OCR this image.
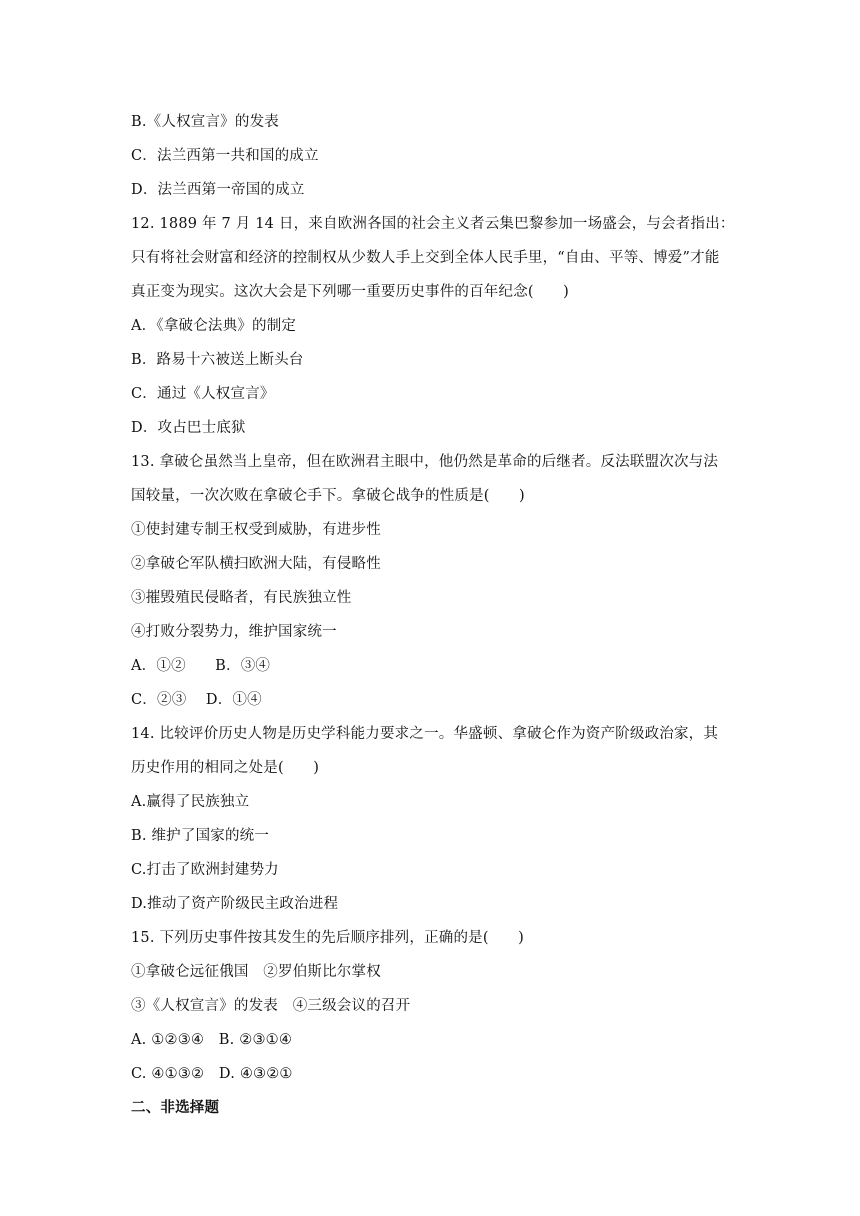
B.《人权宣言》的发表
C．法兰西第一共和国的成立
D．法兰西第一帝国的成立
12. 1889 年 7 月 14 日，来自欧洲各国的社会主义者云集巴黎参加一场盛会，与会者指出：
只有将社会财富和经济的控制权从少数人手上交到全体人民手里，“自由、平等、博爱”才能
真正变为现实。这次大会是下列哪一重要历史事件的百年纪念(　　)
A．《拿破仑法典》的制定
B．路易十六被送上断头台
C．通过《人权宣言》
D．攻占巴士底狱
13. 拿破仑虽然当上皇帝，但在欧洲君主眼中，他仍然是革命的后继者。反法联盟次次与法
国较量，一次次败在拿破仑手下。拿破仑战争的性质是(　　)
①使封建专制王权受到威胁，有进步性
②拿破仑军队横扫欧洲大陆，有侵略性
③摧毁殖民侵略者，有民族独立性
④打败分裂势力，维护国家统一
A．①②　　B．③④
C．②③　 D．①④
14. 比较评价历史人物是历史学科能力要求之一。华盛顿、拿破仑作为资产阶级政治家，其
历史作用的相同之处是(　　)
A.赢得了民族独立
B. 维护了国家的统一
C.打击了欧洲封建势力
D.推动了资产阶级民主政治进程
15. 下列历史事件按其发生的先后顺序排列，正确的是(　　)
①拿破仑远征俄国　②罗伯斯比尔掌权
③《人权宣言》的发表　④三级会议的召开
A. ①②③④　B. ②③①④
C. ④①③②　D. ④③②①
二、非选择题
